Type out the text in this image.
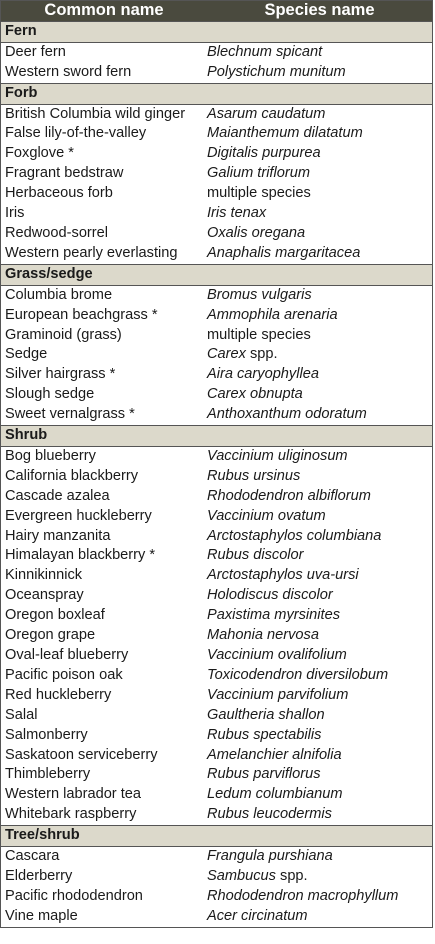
Common name	Species name
Fern	
Deer fern	Blechnum spicant
Western sword fern	Polystichum munitum
Forb	
British Columbia wild ginger	Asarum caudatum
False lily-of-the-valley	Maianthemum dilatatum
Foxglove *	Digitalis purpurea
Fragrant bedstraw	Galium triflorum
Herbaceous forb	multiple species
Iris	Iris tenax
Redwood-sorrel	Oxalis oregana
Western pearly everlasting	Anaphalis margaritacea
Grass/sedge	
Columbia brome	Bromus vulgaris
European beachgrass *	Ammophila arenaria
Graminoid (grass)	multiple species
Sedge	Carex spp.
Silver hairgrass *	Aira caryophyllea
Slough sedge	Carex obnupta
Sweet vernalgrass *	Anthoxanthum odoratum
Shrub	
Bog blueberry	Vaccinium uliginosum
California blackberry	Rubus ursinus
Cascade azalea	Rhododendron albiflorum
Evergreen huckleberry	Vaccinium ovatum
Hairy manzanita	Arctostaphylos columbiana
Himalayan blackberry *	Rubus discolor
Kinnikinnick	Arctostaphylos uva-ursi
Oceanspray	Holodiscus discolor
Oregon boxleaf	Paxistima myrsinites
Oregon grape	Mahonia nervosa
Oval-leaf blueberry	Vaccinium ovalifolium
Pacific poison oak	Toxicodendron diversilobum
Red huckleberry	Vaccinium parvifolium
Salal	Gaultheria shallon
Salmonberry	Rubus spectabilis
Saskatoon serviceberry	Amelanchier alnifolia
Thimbleberry	Rubus parviflorus
Western labrador tea	Ledum columbianum
Whitebark raspberry	Rubus leucodermis
Tree/shrub	
Cascara	Frangula purshiana
Elderberry	Sambucus spp.
Pacific rhododendron	Rhododendron macrophyllum
Vine maple	Acer circinatum
